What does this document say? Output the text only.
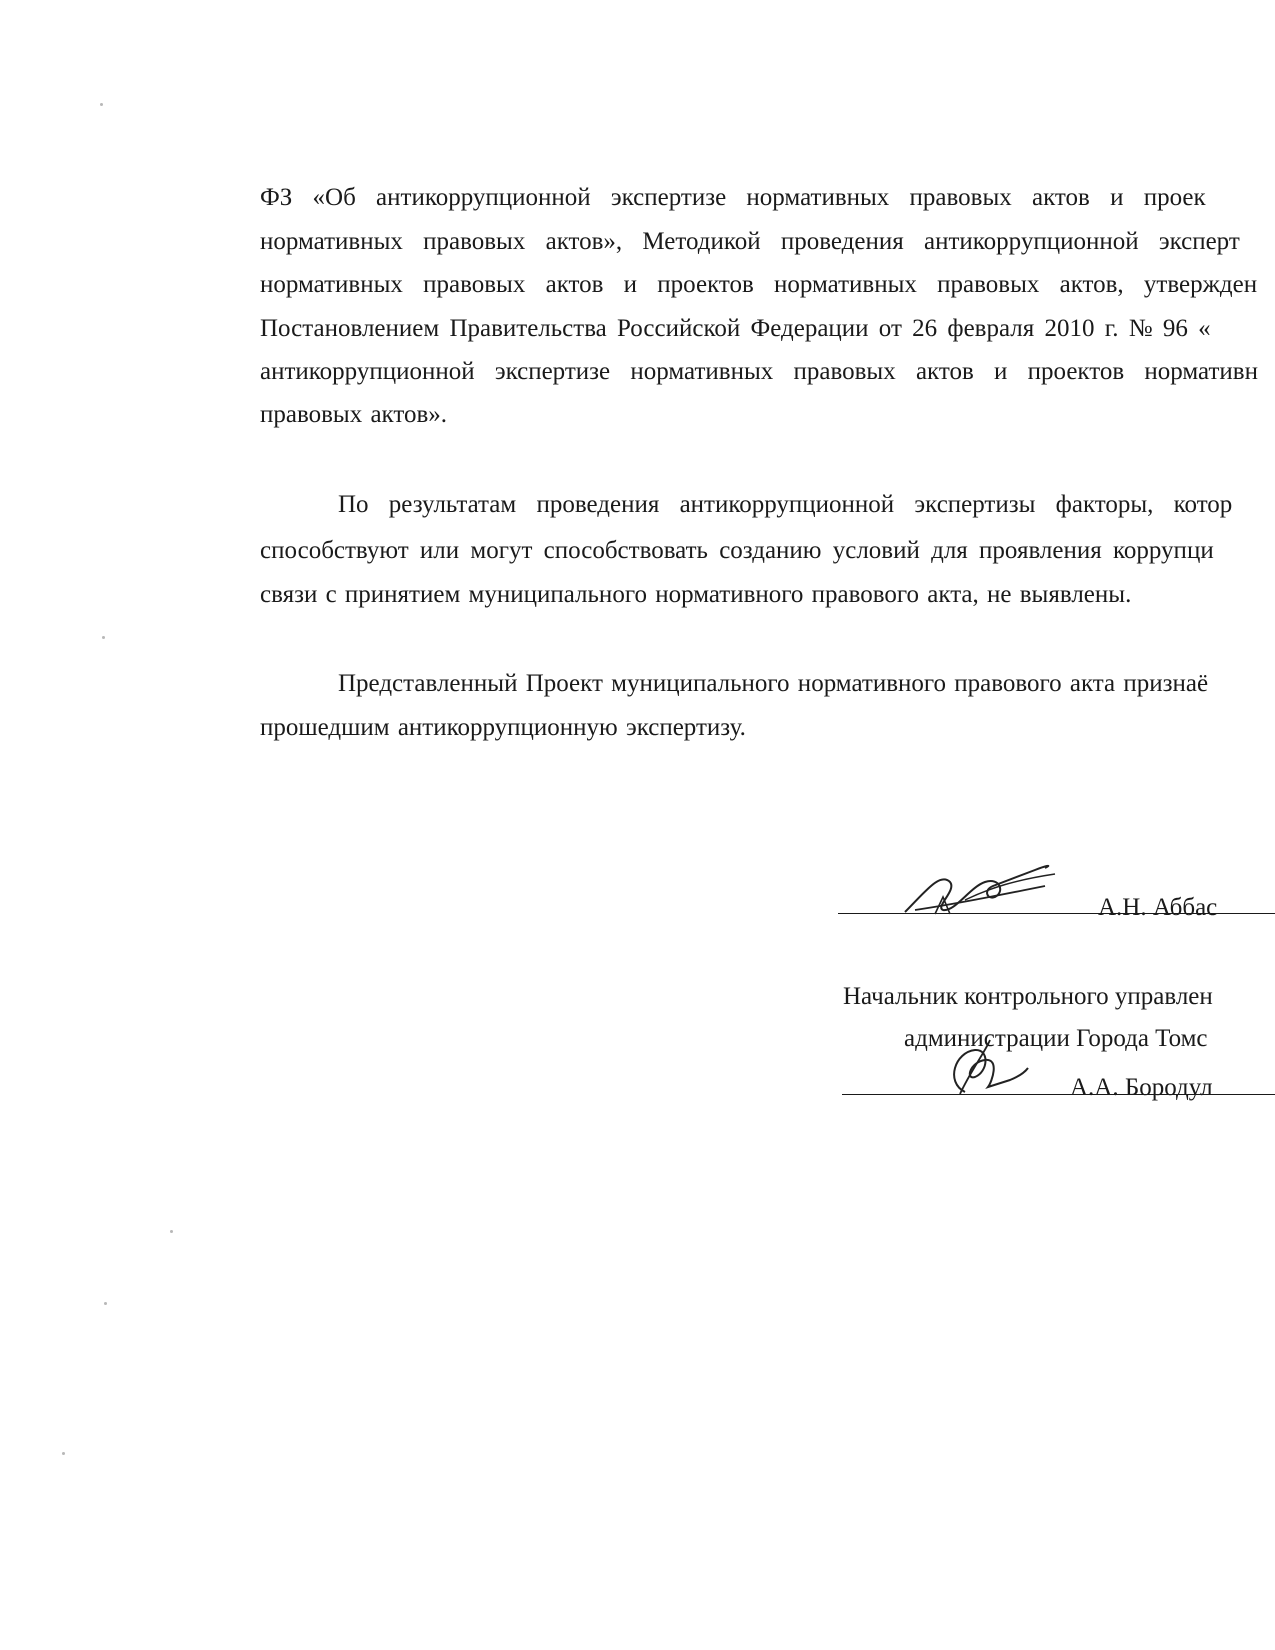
ФЗ «Об антикоррупционной экспертизе нормативных правовых актов и проек
нормативных правовых актов», Методикой проведения антикоррупционной эксперт
нормативных правовых актов и проектов нормативных правовых актов, утвержден
Постановлением Правительства Российской Федерации от 26 февраля 2010 г. № 96 «
антикоррупционной экспертизе нормативных правовых актов и проектов нормативн
правовых актов».
По результатам проведения антикоррупционной экспертизы факторы, котор
способствуют или могут способствовать созданию условий для проявления коррупци
связи с принятием муниципального нормативного правового акта, не выявлены.
Представленный Проект муниципального нормативного правового акта признаё
прошедшим антикоррупционную экспертизу.
А.Н. Аббас
Начальник контрольного управлен
администрации Города Томс
А.А. Бородул
